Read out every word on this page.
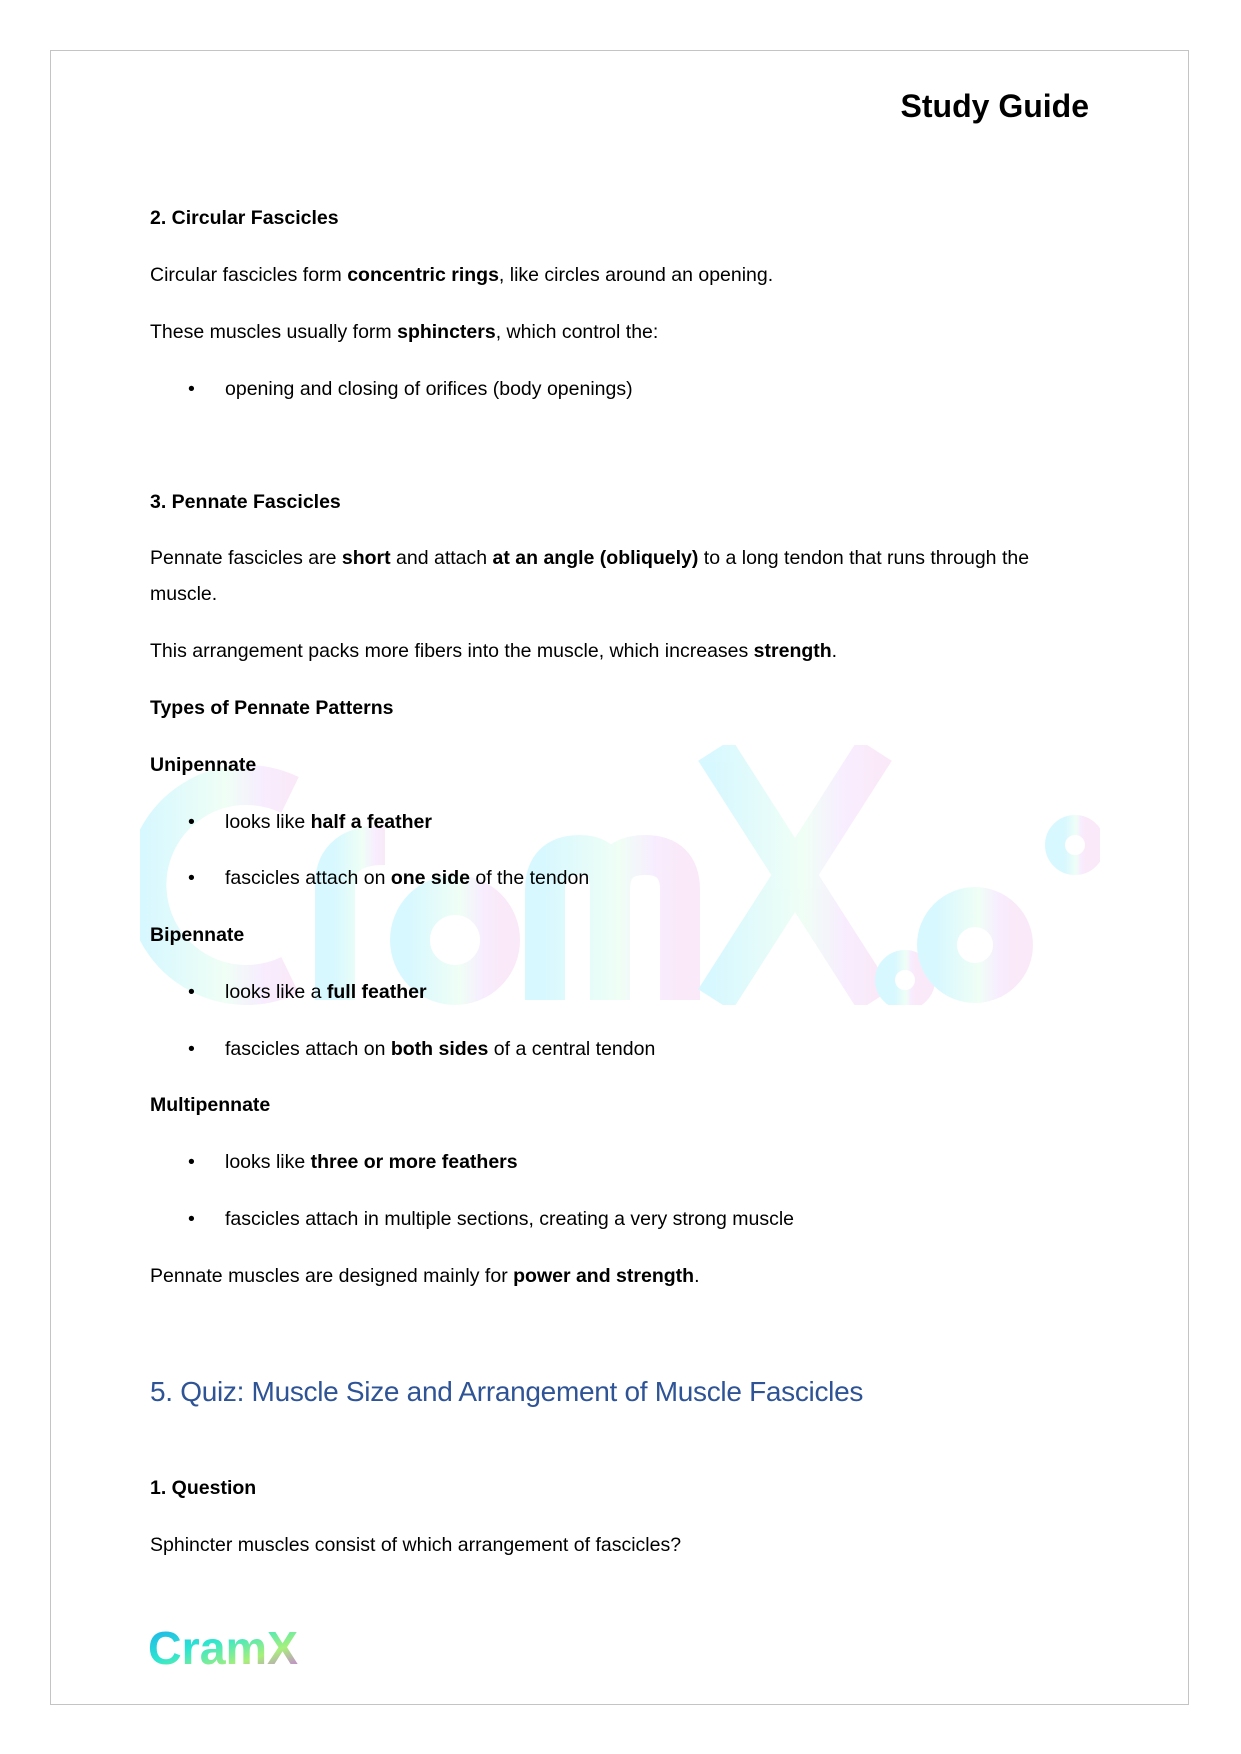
Study Guide
2. Circular Fascicles
Circular fascicles form concentric rings, like circles around an opening.
These muscles usually form sphincters, which control the:
• opening and closing of orifices (body openings)
3. Pennate Fascicles
Pennate fascicles are short and attach at an angle (obliquely) to a long tendon that runs through the
muscle.
This arrangement packs more fibers into the muscle, which increases strength.
Types of Pennate Patterns
Unipennate
• looks like half a feather
• fascicles attach on one side of the tendon
Bipennate
• looks like a full feather
• fascicles attach on both sides of a central tendon
Multipennate
• looks like three or more feathers
• fascicles attach in multiple sections, creating a very strong muscle
Pennate muscles are designed mainly for power and strength.
5. Quiz: Muscle Size and Arrangement of Muscle Fascicles
1. Question
Sphincter muscles consist of which arrangement of fascicles?
CramX
